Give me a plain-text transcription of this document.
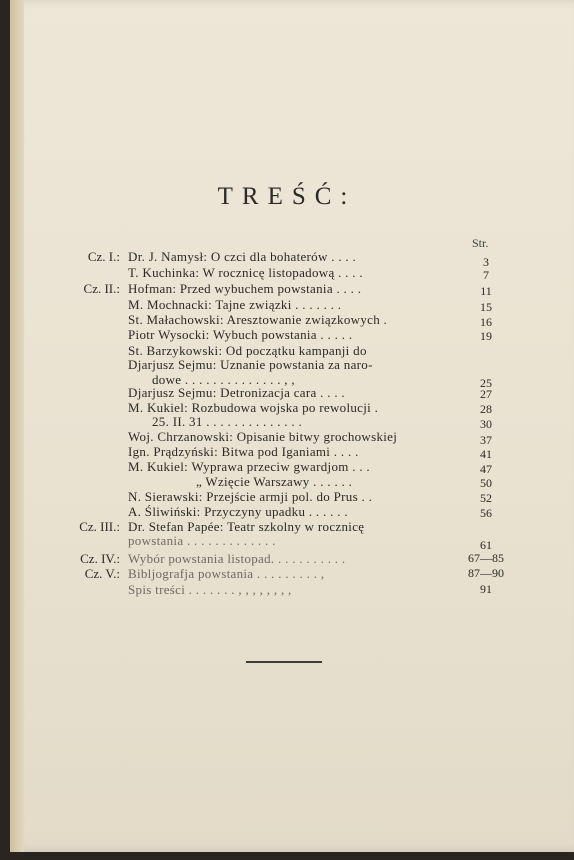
TREŚĆ:
Str.
Cz. I.: Dr. J. Namysł: O czci dla bohaterów . . . .	3
T. Kuchinka: W rocznicę listopadową . . . .	7
Cz. II.: Hofman: Przed wybuchem powstania . . . .	11
M. Mochnacki: Tajne związki . . . . . . .	15
St. Małachowski: Aresztowanie związkowych .	16
Piotr Wysocki: Wybuch powstania . . . . .	19
St. Barzykowski: Od początku kampanji do
Djarjusz Sejmu: Uznanie powstania za naro-
dowe . . . . . . . . . . . . . . , ,	25
Djarjusz Sejmu: Detronizacja cara . . . .	27
M. Kukiel: Rozbudowa wojska po rewolucji .	28
25. II. 31 . . . . . . . . . . . . . .	30
Woj. Chrzanowski: Opisanie bitwy grochowskiej	37
Ign. Prądzyński: Bitwa pod Iganiami . . . .	41
M. Kukiel: Wyprawa przeciw gwardjom . . .	47
„ Wzięcie Warszawy . . . . . .	50
N. Sierawski: Przejście armji pol. do Prus . .	52
A. Śliwiński: Przyczyny upadku . . . . . .	56
Cz. III.: Dr. Stefan Papée: Teatr szkolny w rocznicę
powstania . . . . . . . . . . . . .	61
Cz. IV.: Wybór powstania listopad. . . . . . . . . . .	67—85
Cz. V.: Bibljografja powstania . . . . . . . . . ,	87—90
Spis treści . . . . . . . , , , , , , , ,	91
